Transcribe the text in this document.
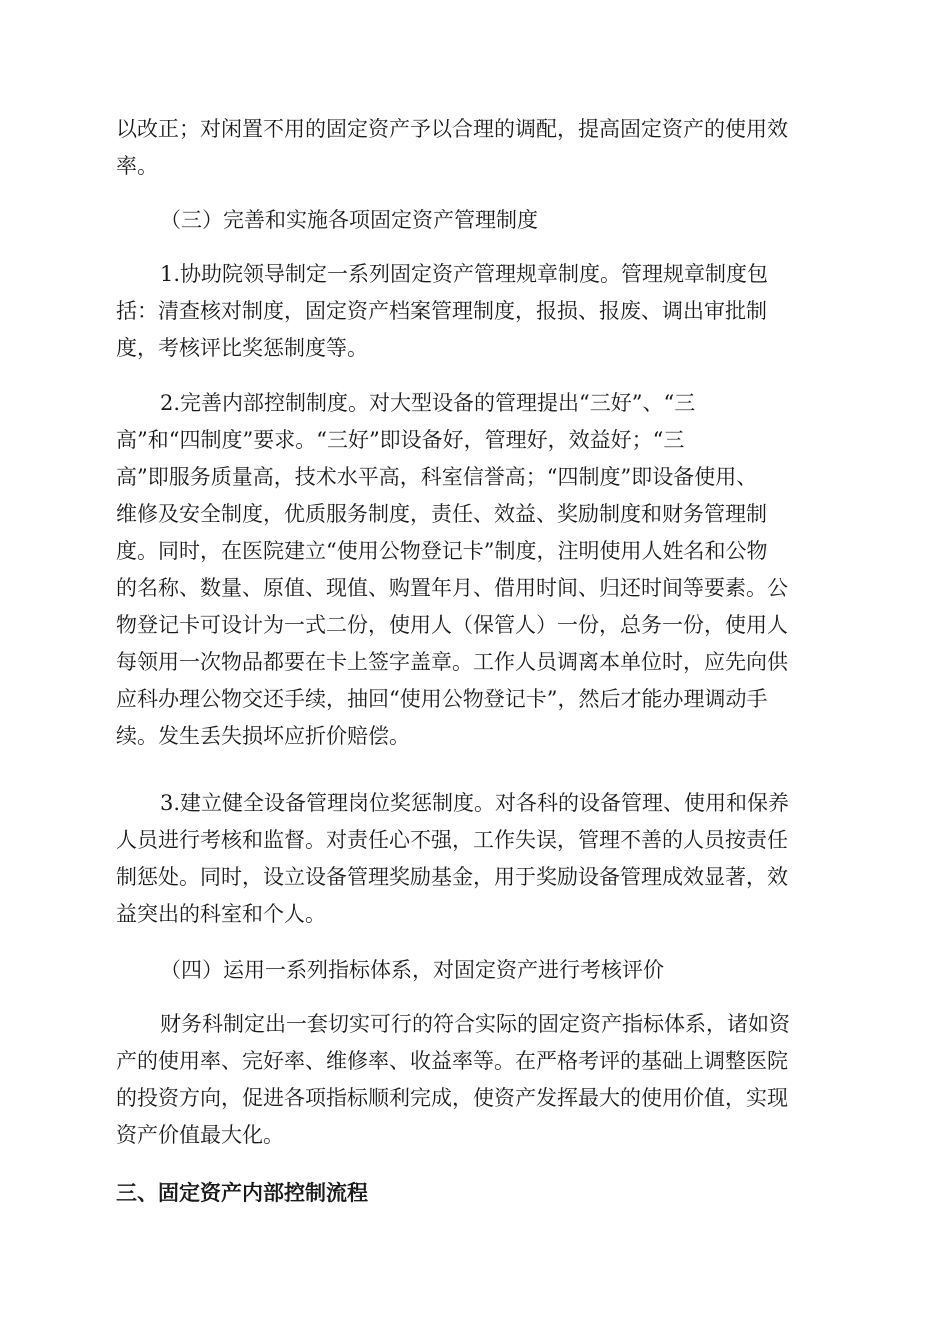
以改正；对闲置不用的固定资产予以合理的调配，提高固定资产的使用效
率。

（三）完善和实施各项固定资产管理制度

1.协助院领导制定一系列固定资产管理规章制度。管理规章制度包
括：清查核对制度，固定资产档案管理制度，报损、报废、调出审批制
度，考核评比奖惩制度等。

2.完善内部控制制度。对大型设备的管理提出“三好”、“三
高”和“四制度”要求。“三好”即设备好，管理好，效益好；“三
高”即服务质量高，技术水平高，科室信誉高；“四制度”即设备使用、
维修及安全制度，优质服务制度，责任、效益、奖励制度和财务管理制
度。同时，在医院建立“使用公物登记卡”制度，注明使用人姓名和公物
的名称、数量、原值、现值、购置年月、借用时间、归还时间等要素。公
物登记卡可设计为一式二份，使用人（保管人）一份，总务一份，使用人
每领用一次物品都要在卡上签字盖章。工作人员调离本单位时，应先向供
应科办理公物交还手续，抽回“使用公物登记卡”，然后才能办理调动手
续。发生丢失损坏应折价赔偿。

3.建立健全设备管理岗位奖惩制度。对各科的设备管理、使用和保养
人员进行考核和监督。对责任心不强，工作失误，管理不善的人员按责任
制惩处。同时，设立设备管理奖励基金，用于奖励设备管理成效显著，效
益突出的科室和个人。

（四）运用一系列指标体系，对固定资产进行考核评价

财务科制定出一套切实可行的符合实际的固定资产指标体系，诸如资
产的使用率、完好率、维修率、收益率等。在严格考评的基础上调整医院
的投资方向，促进各项指标顺利完成，使资产发挥最大的使用价值，实现
资产价值最大化。

三、固定资产内部控制流程
